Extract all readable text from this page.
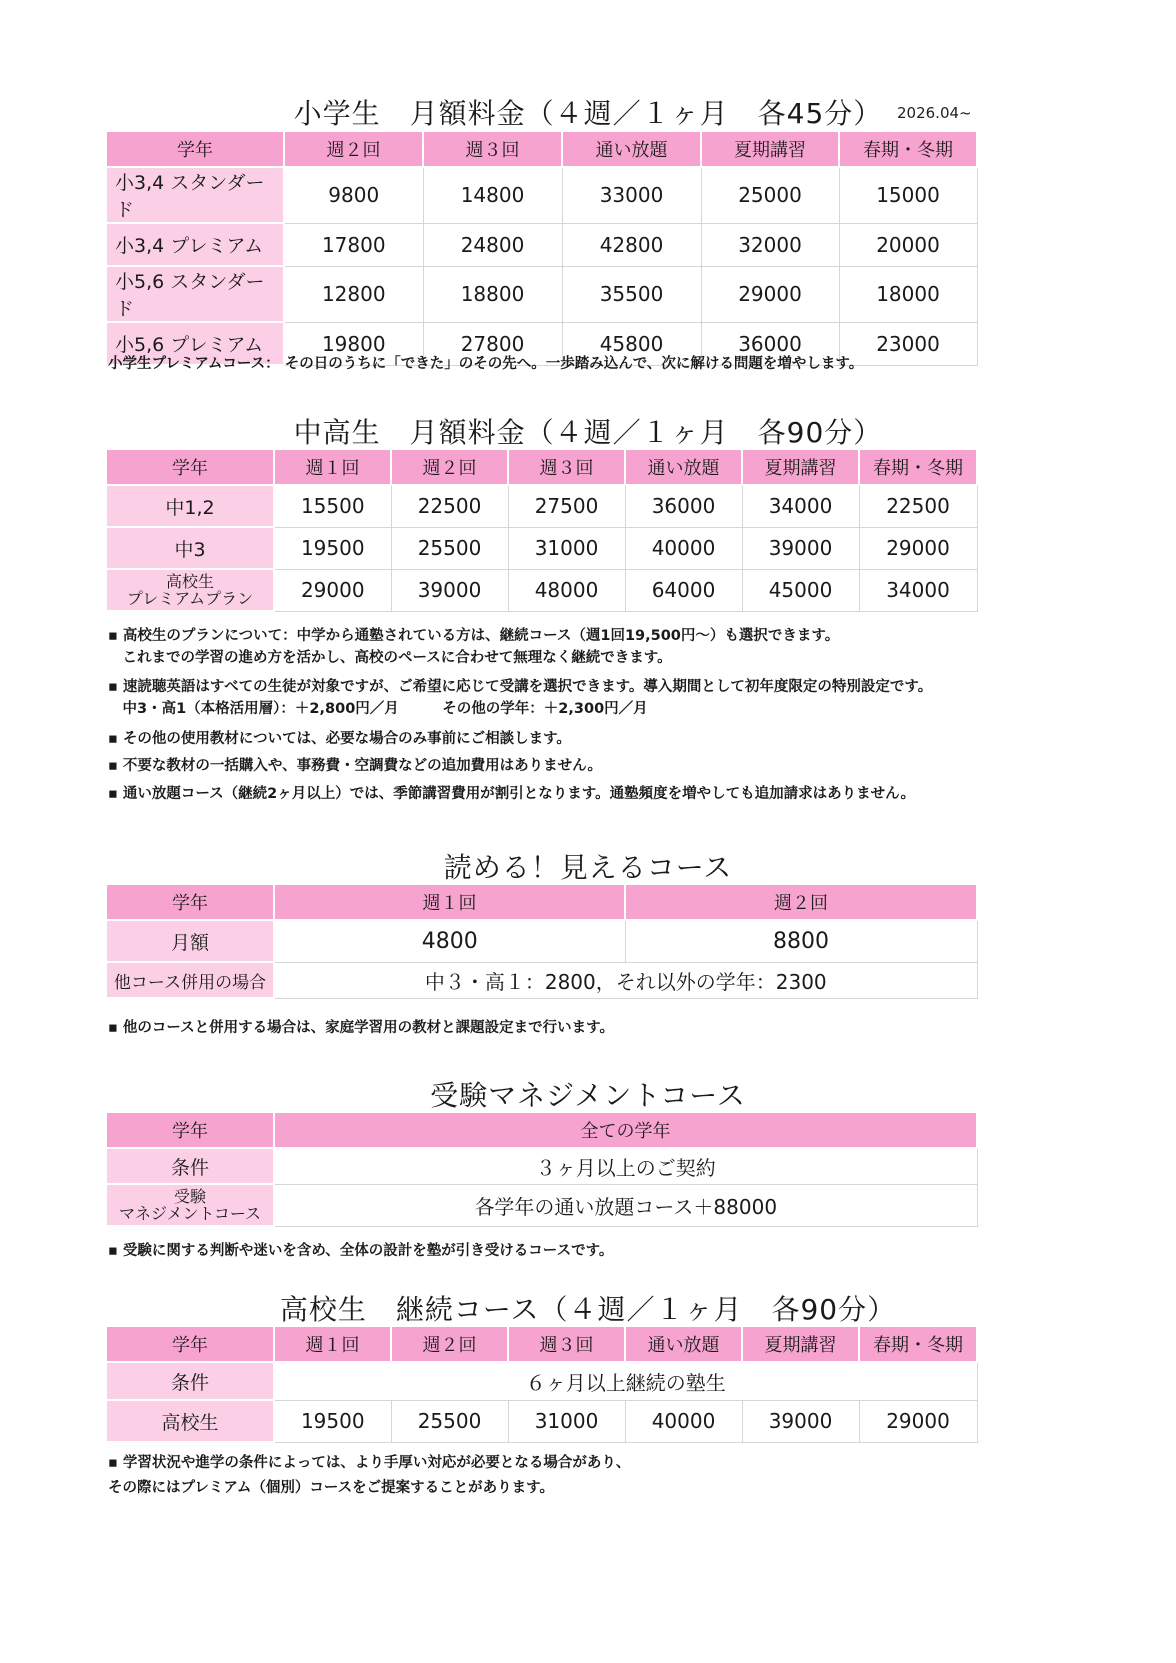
小学生　月額料金（４週／１ヶ月　各45分） 2026.04~
学年	週２回	週３回	通い放題	夏期講習	春期・冬期
小3,4 スタンダード	9800	14800	33000	25000	15000
小3,4 プレミアム	17800	24800	42800	32000	20000
小5,6 スタンダード	12800	18800	35500	29000	18000
小5,6 プレミアム	19800	27800	45800	36000	23000
小学生プレミアムコース： その日のうちに「できた」のその先へ。一歩踏み込んで、次に解ける問題を増やします。
中高生　月額料金（４週／１ヶ月　各90分）
学年	週１回	週２回	週３回	通い放題	夏期講習	春期・冬期
中1,2	15500	22500	27500	36000	34000	22500
中3	19500	25500	31000	40000	39000	29000

高校生
プレミアムプラン	29000	39000	48000	64000	45000	34000
▪ 高校生のプランについて：中学から通塾されている方は、継続コース（週1回19,500円〜）も選択できます。
　これまでの学習の進め方を活かし、高校のペースに合わせて無理なく継続できます。
▪ 速読聴英語はすべての生徒が対象ですが、ご希望に応じて受講を選択できます。導入期間として初年度限定の特別設定です。
　中3・高1（本格活用層）：＋2,800円／月　　　その他の学年：＋2,300円／月
▪ その他の使用教材については、必要な場合のみ事前にご相談します。
▪ 不要な教材の一括購入や、事務費・空調費などの追加費用はありません。
▪ 通い放題コース（継続2ヶ月以上）では、季節講習費用が割引となります。通塾頻度を増やしても追加請求はありません。
読める！見えるコース
学年	週１回	週２回
月額	4800	8800
他コース併用の場合	中３・高１：2800，それ以外の学年：2300	
▪ 他のコースと併用する場合は、家庭学習用の教材と課題設定まで行います。
受験マネジメントコース
学年	全ての学年
条件	３ヶ月以上のご契約

受験
マネジメントコース	各学年の通い放題コース＋88000
▪ 受験に関する判断や迷いを含め、全体の設計を塾が引き受けるコースです。
高校生　継続コース（４週／１ヶ月　各90分）
学年	週１回	週２回	週３回	通い放題	夏期講習	春期・冬期
条件	６ヶ月以上継続の塾生					
高校生	19500	25500	31000	40000	39000	29000
▪ 学習状況や進学の条件によっては、より手厚い対応が必要となる場合があり、
その際にはプレミアム（個別）コースをご提案することがあります。
